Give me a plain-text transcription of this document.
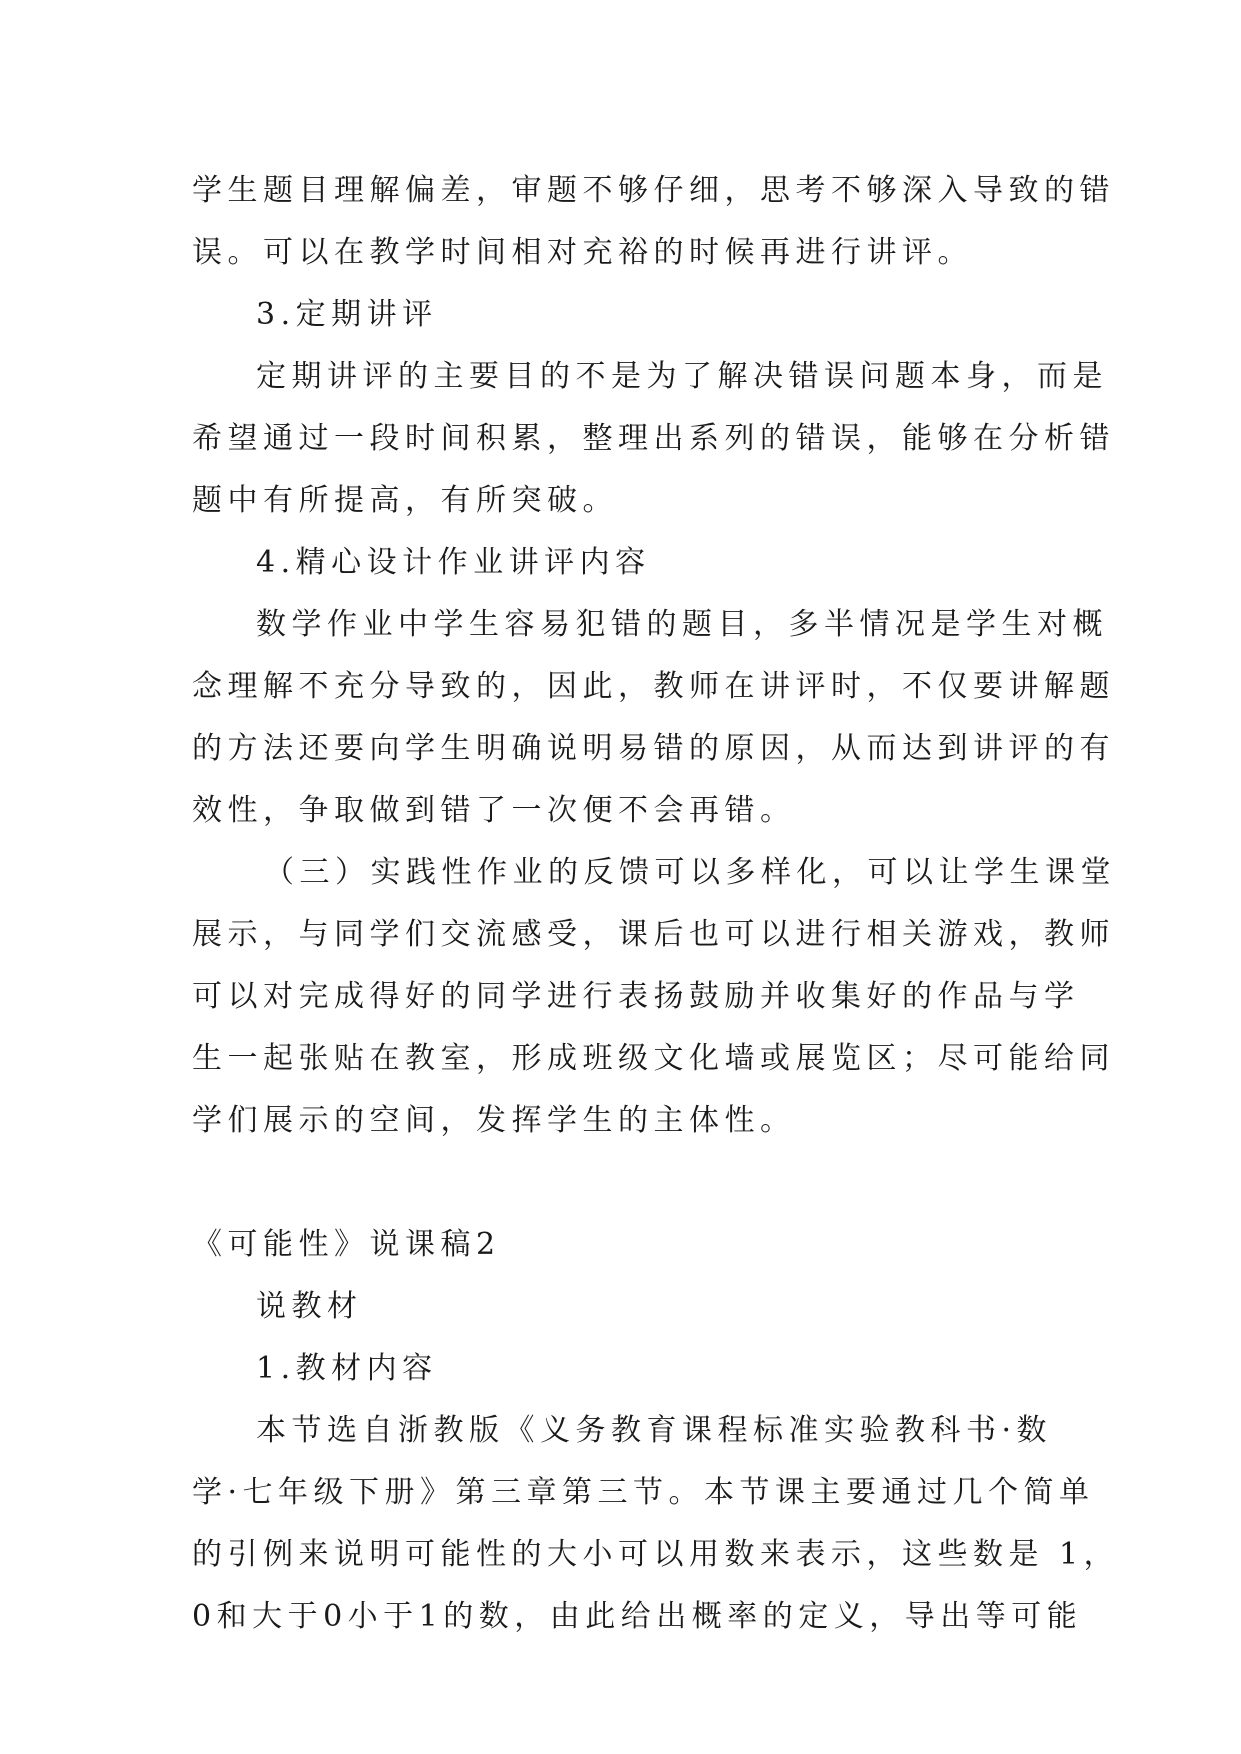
学生题目理解偏差，审题不够仔细，思考不够深入导致的错
误。可以在教学时间相对充裕的时候再进行讲评。
3.定期讲评
定期讲评的主要目的不是为了解决错误问题本身，而是
希望通过一段时间积累，整理出系列的错误，能够在分析错
题中有所提高，有所突破。
4.精心设计作业讲评内容
数学作业中学生容易犯错的题目，多半情况是学生对概
念理解不充分导致的，因此，教师在讲评时，不仅要讲解题
的方法还要向学生明确说明易错的原因，从而达到讲评的有
效性，争取做到错了一次便不会再错。
（三）实践性作业的反馈可以多样化，可以让学生课堂
展示，与同学们交流感受，课后也可以进行相关游戏，教师
可以对完成得好的同学进行表扬鼓励并收集好的作品与学
生一起张贴在教室，形成班级文化墙或展览区；尽可能给同
学们展示的空间，发挥学生的主体性。
《可能性》说课稿2
说教材
1.教材内容
本节选自浙教版《义务教育课程标准实验教科书·数
学·七年级下册》第三章第三节。本节课主要通过几个简单
的引例来说明可能性的大小可以用数来表示，这些数是 1，
0和大于0小于1的数，由此给出概率的定义，导出等可能
